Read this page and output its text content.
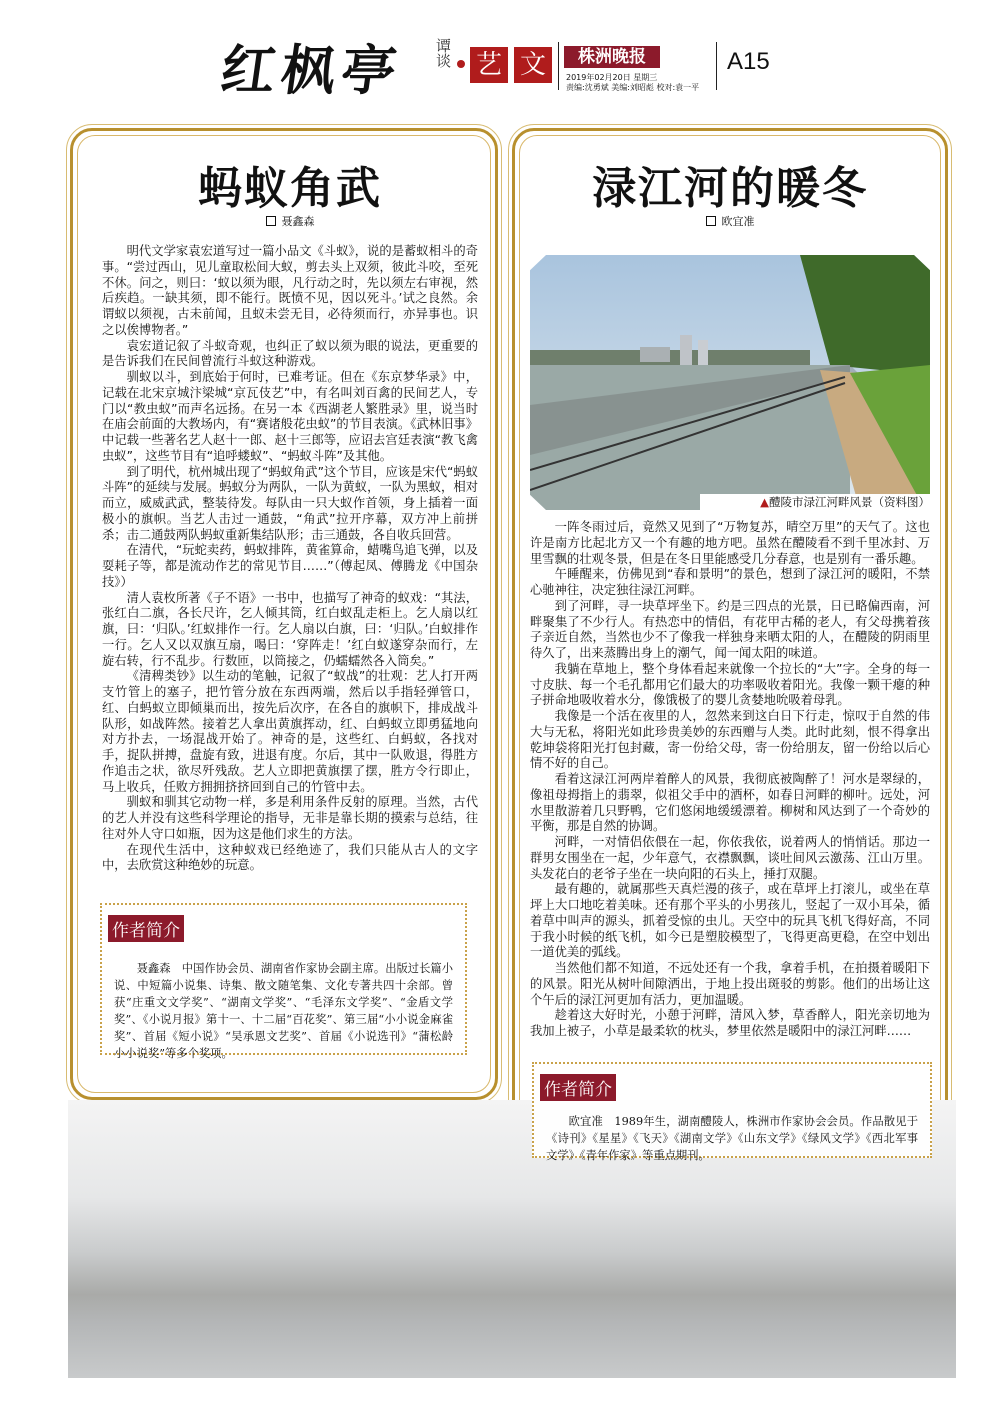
红枫亭 谭谈 艺 文	株洲晚报
2019年02月20日 星期三
责编:沈勇斌 美编:刘昭彪 校对:袁一平
A15
蚂蚁角武
聂鑫森

明代文学家袁宏道写过一篇小品文《斗蚁》，说的是蓄蚁相斗的奇事。“尝过西山，见儿童取松间大蚁，剪去头上双须，彼此斗咬，至死不休。问之，则曰：‘蚁以须为眼，凡行动之时，先以须左右审视，然后疾趋。一缺其须，即不能行。既愤不见，因以死斗。’试之良然。余谓蚁以须视，古未前闻，且蚁未尝无目，必待须而行，亦异事也。识之以俟博物者。”

袁宏道记叙了斗蚁奇观，也纠正了蚁以须为眼的说法，更重要的是告诉我们在民间曾流行斗蚁这种游戏。

驯蚁以斗，到底始于何时，已难考证。但在《东京梦华录》中，记载在北宋京城汴梁城“京瓦伎艺”中，有名叫刘百禽的民间艺人，专门以“教虫蚁”而声名远扬。在另一本《西湖老人繁胜录》里，说当时在庙会前面的大教场内，有“赛诸般花虫蚁”的节目表演。《武林旧事》中记载一些著名艺人赵十一郎、赵十三郎等，应诏去宫廷表演“教飞禽虫蚁”，这些节目有“追呼蝼蚁”、“蚂蚁斗阵”及其他。

到了明代，杭州城出现了“蚂蚁角武”这个节目，应该是宋代“蚂蚁斗阵”的延续与发展。蚂蚁分为两队，一队为黄蚁，一队为黑蚁，相对而立，威威武武，整装待发。每队由一只大蚁作首领，身上插着一面极小的旗帜。当艺人击过一通鼓，“角武”拉开序幕，双方冲上前拼杀；击二通鼓两队蚂蚁重新集结队形；击三通鼓，各自收兵回营。

在清代，“玩蛇卖药，蚂蚁排阵，黄雀算命，蜡嘴鸟追飞弹，以及耍耗子等，都是流动作艺的常见节目……”（傅起凤、傅腾龙《中国杂技》）

清人袁枚所著《子不语》一书中，也描写了神奇的蚁戏：“其法，张红白二旗，各长尺许，乞人倾其筒，红白蚁乱走柜上。乞人扇以红旗，曰：‘归队。’红蚁排作一行。乞人扇以白旗，曰：‘归队。’白蚁排作一行。乞人又以双旗互扇，喝曰：‘穿阵走！’红白蚁遂穿杂而行，左旋右转，行不乱步。行数匝，以筒接之，仍蠕蠕然各入筒矣。”

《清稗类钞》以生动的笔触，记叙了“蚁战”的壮观：艺人打开两支竹管上的塞子，把竹管分放在东西两端，然后以手指轻弹管口，红、白蚂蚁立即倾巢而出，按先后次序，在各自的旗帜下，排成战斗队形，如战阵然。接着艺人拿出黄旗挥动，红、白蚂蚁立即勇猛地向对方扑去，一场混战开始了。神奇的是，这些红、白蚂蚁，各找对手，捉队拼搏，盘旋有致，进退有度。尔后，其中一队败退，得胜方作追击之状，欲尽歼残敌。艺人立即把黄旗摆了摆，胜方令行即止，马上收兵，任败方拥拥挤挤回到自己的竹管中去。

驯蚁和驯其它动物一样，多是利用条件反射的原理。当然，古代的艺人并没有这些科学理论的指导，无非是靠长期的摸索与总结，往往对外人守口如瓶，因为这是他们求生的方法。

在现代生活中，这种蚁戏已经绝迹了，我们只能从古人的文字中，去欣赏这种绝妙的玩意。

作者简介

聂鑫森　中国作协会员、湖南省作家协会副主席。出版过长篇小说、中短篇小说集、诗集、散文随笔集、文化专著共四十余部。曾获“庄重文文学奖”、“湖南文学奖”、“毛泽东文学奖”、“金盾文学奖”、《小说月报》第十一、十二届“百花奖”、第三届“小小说金麻雀奖”、首届《短小说》“吴承恩文艺奖”、首届《小说选刊》“蒲松龄小小说奖”等多个奖项。

渌江河的暖冬
欧宜准
▲醴陵市渌江河畔风景（资料图）

一阵冬雨过后，竟然又见到了“万物复苏，晴空万里”的天气了。这也许是南方比起北方又一个有趣的地方吧。虽然在醴陵看不到千里冰封、万里雪飘的壮观冬景，但是在冬日里能感受几分春意，也是别有一番乐趣。

午睡醒来，仿佛见到“春和景明”的景色，想到了渌江河的暖阳，不禁心驰神往，决定独往渌江河畔。

到了河畔，寻一块草坪坐下。约是三四点的光景，日已略偏西南，河畔聚集了不少行人。有热恋中的情侣，有花甲古稀的老人，有父母携着孩子亲近自然，当然也少不了像我一样独身来晒太阳的人，在醴陵的阴雨里待久了，出来蒸腾出身上的潮气，闻一闻太阳的味道。

我躺在草地上，整个身体看起来就像一个拉长的“大”字。全身的每一寸皮肤、每一个毛孔都用它们最大的功率吸收着阳光。我像一颗干瘪的种子拼命地吸收着水分，像饿极了的婴儿贪婪地吮吸着母乳。

我像是一个活在夜里的人，忽然来到这白日下行走，惊叹于自然的伟大与无私，将阳光如此珍贵美妙的东西赠与人类。此时此刻，恨不得拿出乾坤袋将阳光打包封藏，寄一份给父母，寄一份给朋友，留一份给以后心情不好的自己。

看着这渌江河两岸着醉人的风景，我彻底被陶醉了！河水是翠绿的，像祖母拇指上的翡翠，似祖父手中的酒杯，如春日河畔的柳叶。远处，河水里散游着几只野鸭，它们悠闲地缓缓漂着。柳树和风达到了一个奇妙的平衡，那是自然的协调。

河畔，一对情侣依偎在一起，你依我依，说着两人的悄悄话。那边一群男女围坐在一起，少年意气，衣襟飘飘，谈吐间风云激荡、江山万里。头发花白的老爷子坐在一块向阳的石头上，捶打双腿。

最有趣的，就属那些天真烂漫的孩子，或在草坪上打滚儿，或坐在草坪上大口地吃着美味。还有那个平头的小男孩儿，竖起了一双小耳朵，循着草中叫声的源头，抓着受惊的虫儿。天空中的玩具飞机飞得好高，不同于我小时候的纸飞机，如今已是塑胶模型了，飞得更高更稳，在空中划出一道优美的弧线。

当然他们都不知道，不远处还有一个我，拿着手机，在拍摄着暖阳下的风景。阳光从树叶间隙洒出，于地上投出斑驳的剪影。他们的出场让这个午后的渌江河更加有活力，更加温暖。

趁着这大好时光，小憩于河畔，清风入梦，草香醉人，阳光亲切地为我加上被子，小草是最柔软的枕头，梦里依然是暖阳中的渌江河畔……

作者简介

欧宜准　1989年生，湖南醴陵人，株洲市作家协会会员。作品散见于《诗刊》《星星》《飞天》《湖南文学》《山东文学》《绿风文学》《西北军事文学》《青年作家》等重点期刊。
